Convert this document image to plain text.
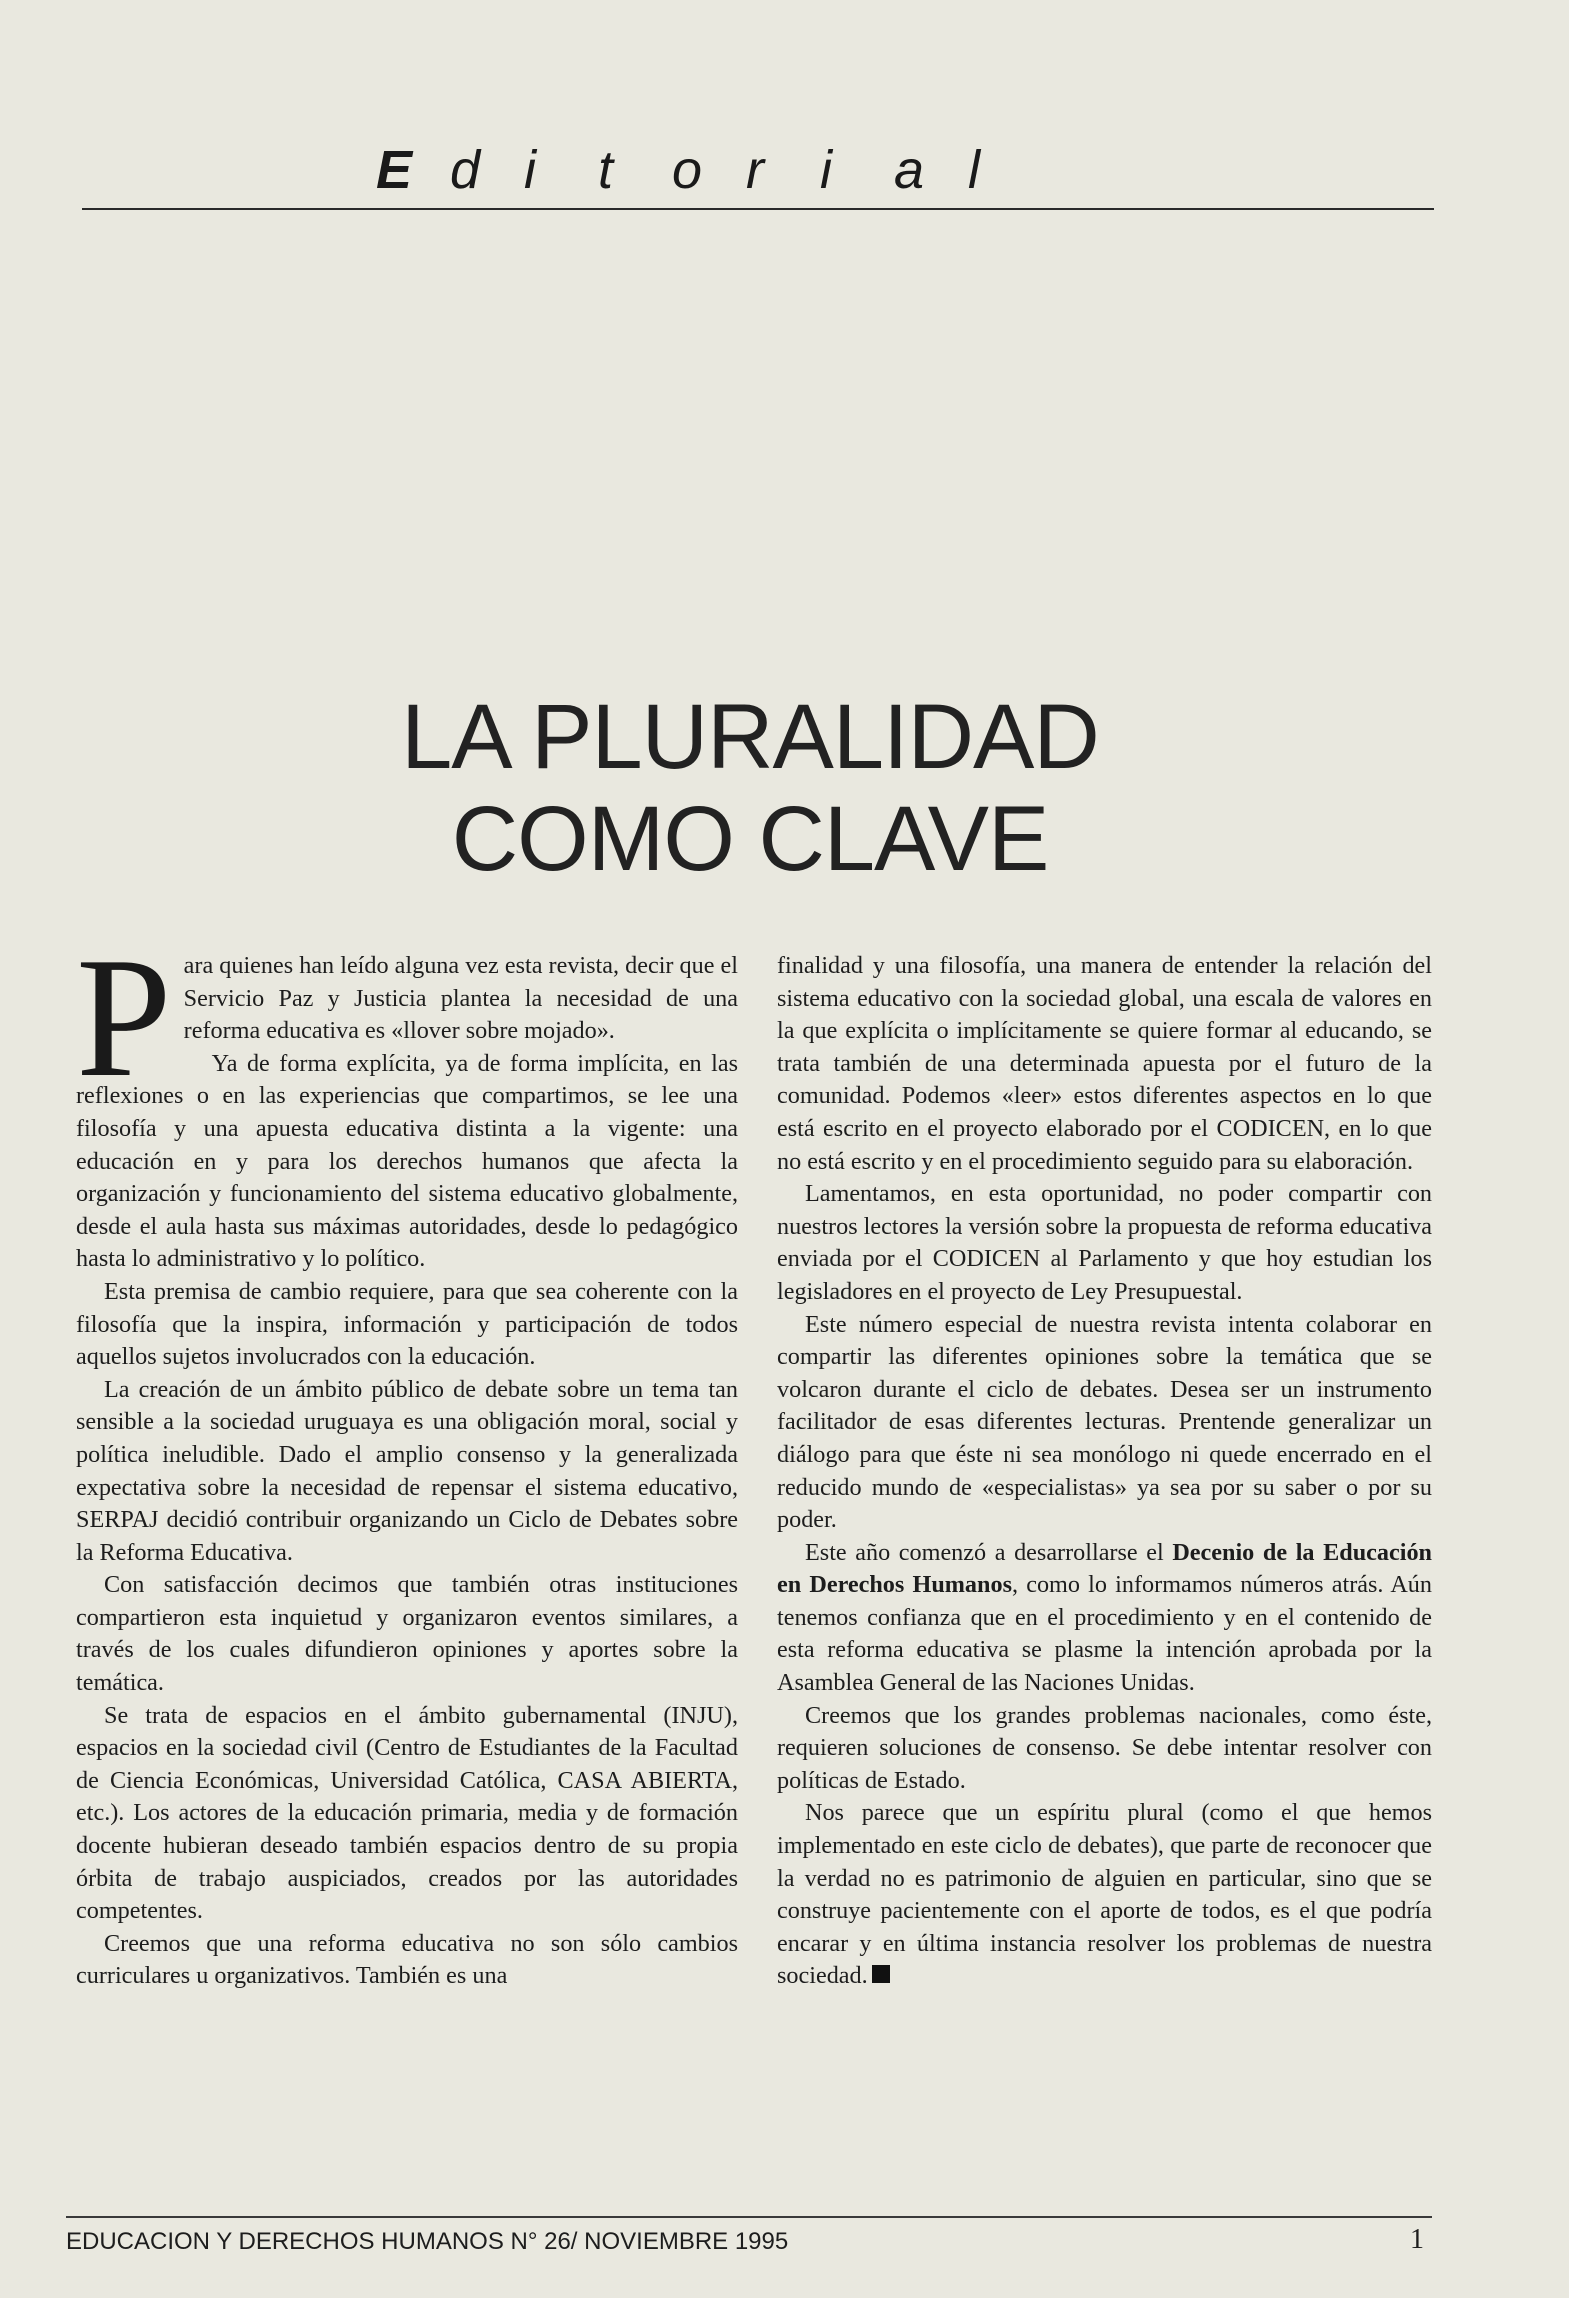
E d i t o r i a l
LA PLURALIDAD
COMO CLAVE

Para quienes han leído alguna vez esta revista, decir que el Servicio Paz y Justicia plantea la necesidad de una reforma educativa es «llover sobre mojado».

Ya de forma explícita, ya de forma implícita, en las reflexiones o en las experiencias que compartimos, se lee una filosofía y una apuesta educativa distinta a la vigente: una educación en y para los derechos humanos que afecta la organización y funcionamiento del sistema educativo globalmente, desde el aula hasta sus máximas autoridades, desde lo pedagógico hasta lo administrativo y lo político.

Esta premisa de cambio requiere, para que sea coherente con la filosofía que la inspira, información y participación de todos aquellos sujetos involucrados con la educación.

La creación de un ámbito público de debate sobre un tema tan sensible a la sociedad uruguaya es una obligación moral, social y política ineludible. Dado el amplio consenso y la generalizada expectativa sobre la necesidad de repensar el sistema educativo, SERPAJ decidió contribuir organizando un Ciclo de Debates sobre la Reforma Educativa.

Con satisfacción decimos que también otras instituciones compartieron esta inquietud y organizaron eventos similares, a través de los cuales difundieron opiniones y aportes sobre la temática.

Se trata de espacios en el ámbito gubernamental (INJU), espacios en la sociedad civil (Centro de Estudiantes de la Facultad de Ciencia Económicas, Universidad Católica, CASA ABIERTA, etc.). Los actores de la educación primaria, media y de formación docente hubieran deseado también espacios dentro de su propia órbita de trabajo auspiciados, creados por las autoridades competentes.

Creemos que una reforma educativa no son sólo cambios curriculares u organizativos. También es una

finalidad y una filosofía, una manera de entender la relación del sistema educativo con la sociedad global, una escala de valores en la que explícita o implícitamente se quiere formar al educando, se trata también de una determinada apuesta por el futuro de la comunidad. Podemos «leer» estos diferentes aspectos en lo que está escrito en el proyecto elaborado por el CODICEN, en lo que no está escrito y en el procedimiento seguido para su elaboración.

Lamentamos, en esta oportunidad, no poder compartir con nuestros lectores la versión sobre la propuesta de reforma educativa enviada por el CODICEN al Parlamento y que hoy estudian los legisladores en el proyecto de Ley Presupuestal.

Este número especial de nuestra revista intenta colaborar en compartir las diferentes opiniones sobre la temática que se volcaron durante el ciclo de debates. Desea ser un instrumento facilitador de esas diferentes lecturas. Prentende generalizar un diálogo para que éste ni sea monólogo ni quede encerrado en el reducido mundo de «especialistas» ya sea por su saber o por su poder.

Este año comenzó a desarrollarse el Decenio de la Educación en Derechos Humanos, como lo informamos números atrás. Aún tenemos confianza que en el procedimiento y en el contenido de esta reforma educativa se plasme la intención aprobada por la Asamblea General de las Naciones Unidas.

Creemos que los grandes problemas nacionales, como éste, requieren soluciones de consenso. Se debe intentar resolver con políticas de Estado.

Nos parece que un espíritu plural (como el que hemos implementado en este ciclo de debates), que parte de reconocer que la verdad no es patrimonio de alguien en particular, sino que se construye pacientemente con el aporte de todos, es el que podría encarar y en última instancia resolver los problemas de nuestra sociedad.

EDUCACION Y DERECHOS HUMANOS N° 26/ NOVIEMBRE 1995	1
